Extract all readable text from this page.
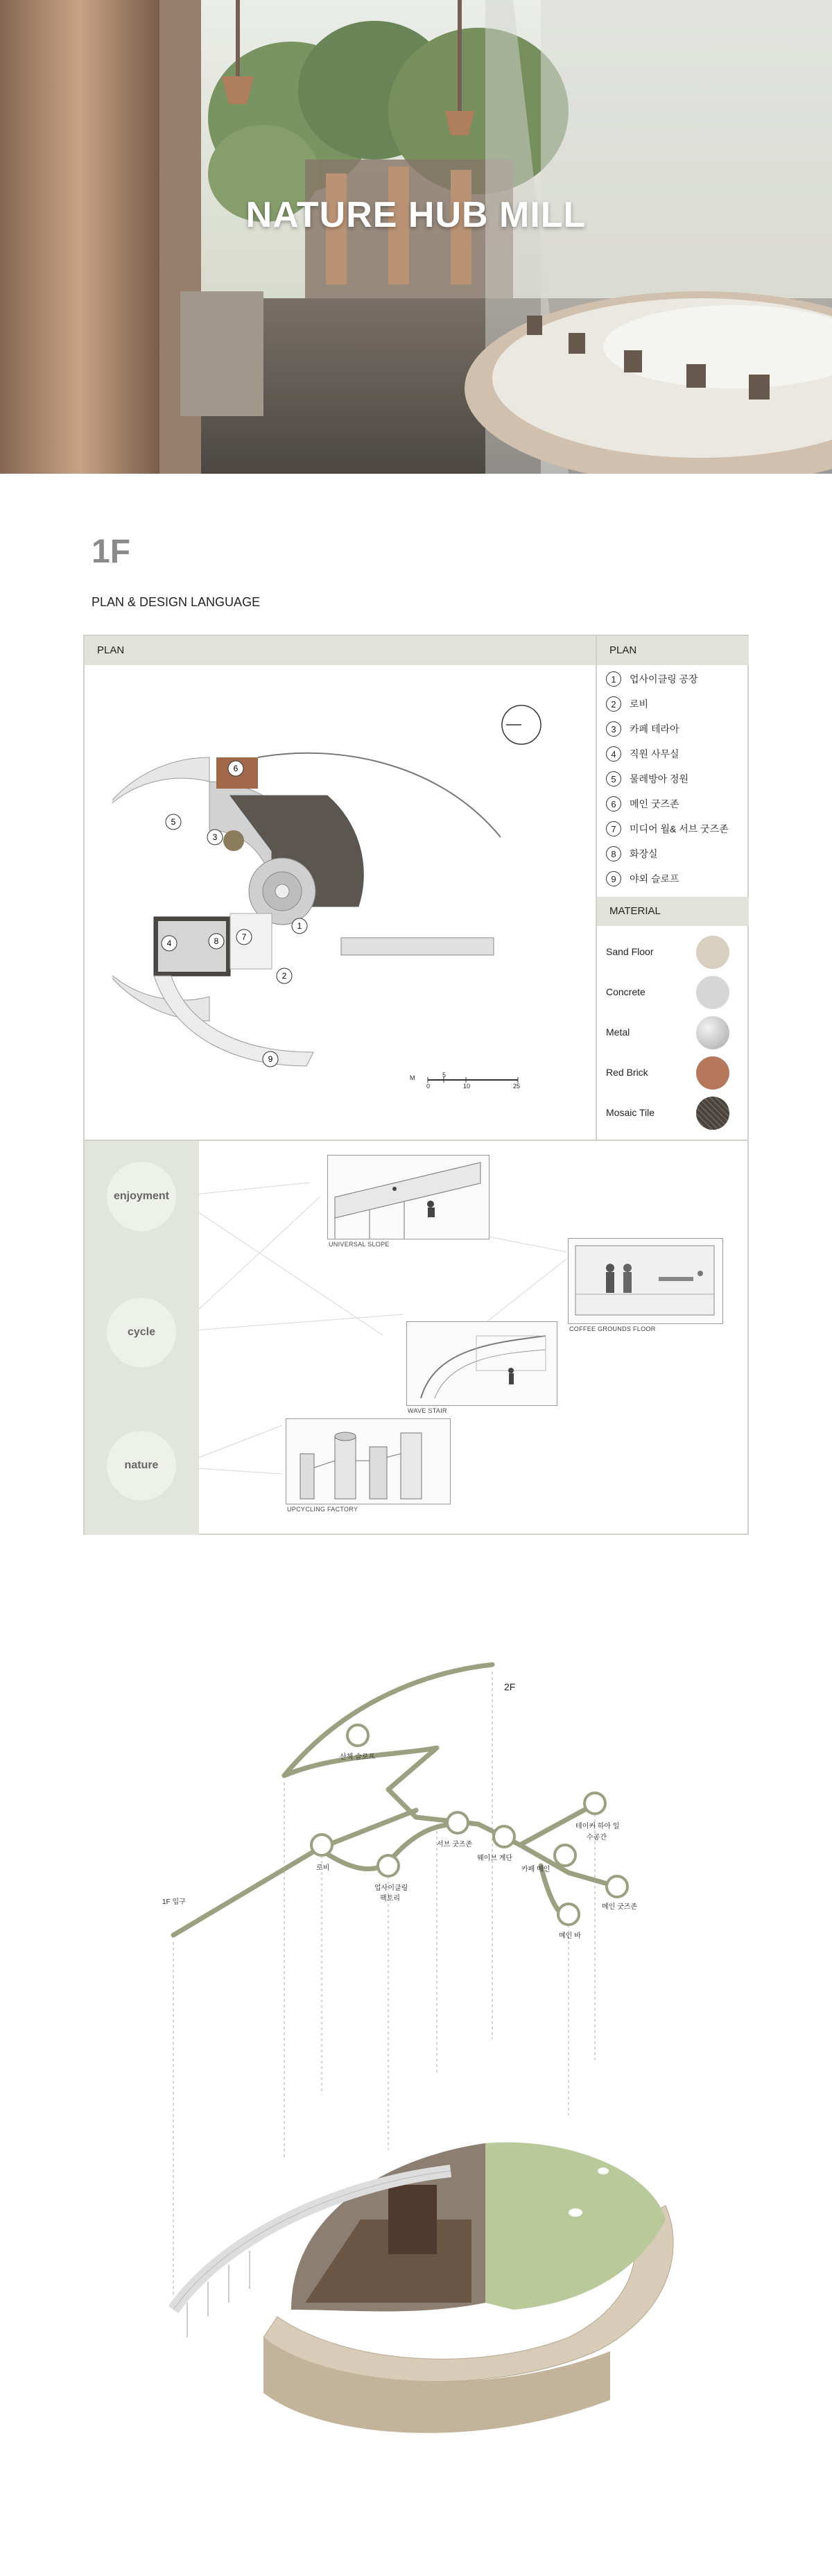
NATURE HUB MILL
1F
PLAN & DESIGN LANGUAGE
PLAN	PLAN
1
2
3
4
5
6
7
8
9
M
0
5
10	25
1	업사이클링 공장
2	로비
3	카페 테라아
4	직원 사무실
5	물레방아 정원
6	메인 굿즈존
7	미디어 월& 서브 굿즈존
8	화장실
9	야외 슬로프
MATERIAL
Sand Floor
Concrete
Metal
Red Brick
Mosaic Tile
enjoyment
cycle
nature
UNIVERSAL SLOPE
COFFEE GROUNDS FLOOR
WAVE STAIR
UPCYCLING FACTORY
2F
1F 입구
로비
산책 슬로프
업사이클링
팩토리
서브 굿즈존
웨이브 계단
테이커 하아 일
수공간
카페 메인
메인 바
메인 굿즈존
